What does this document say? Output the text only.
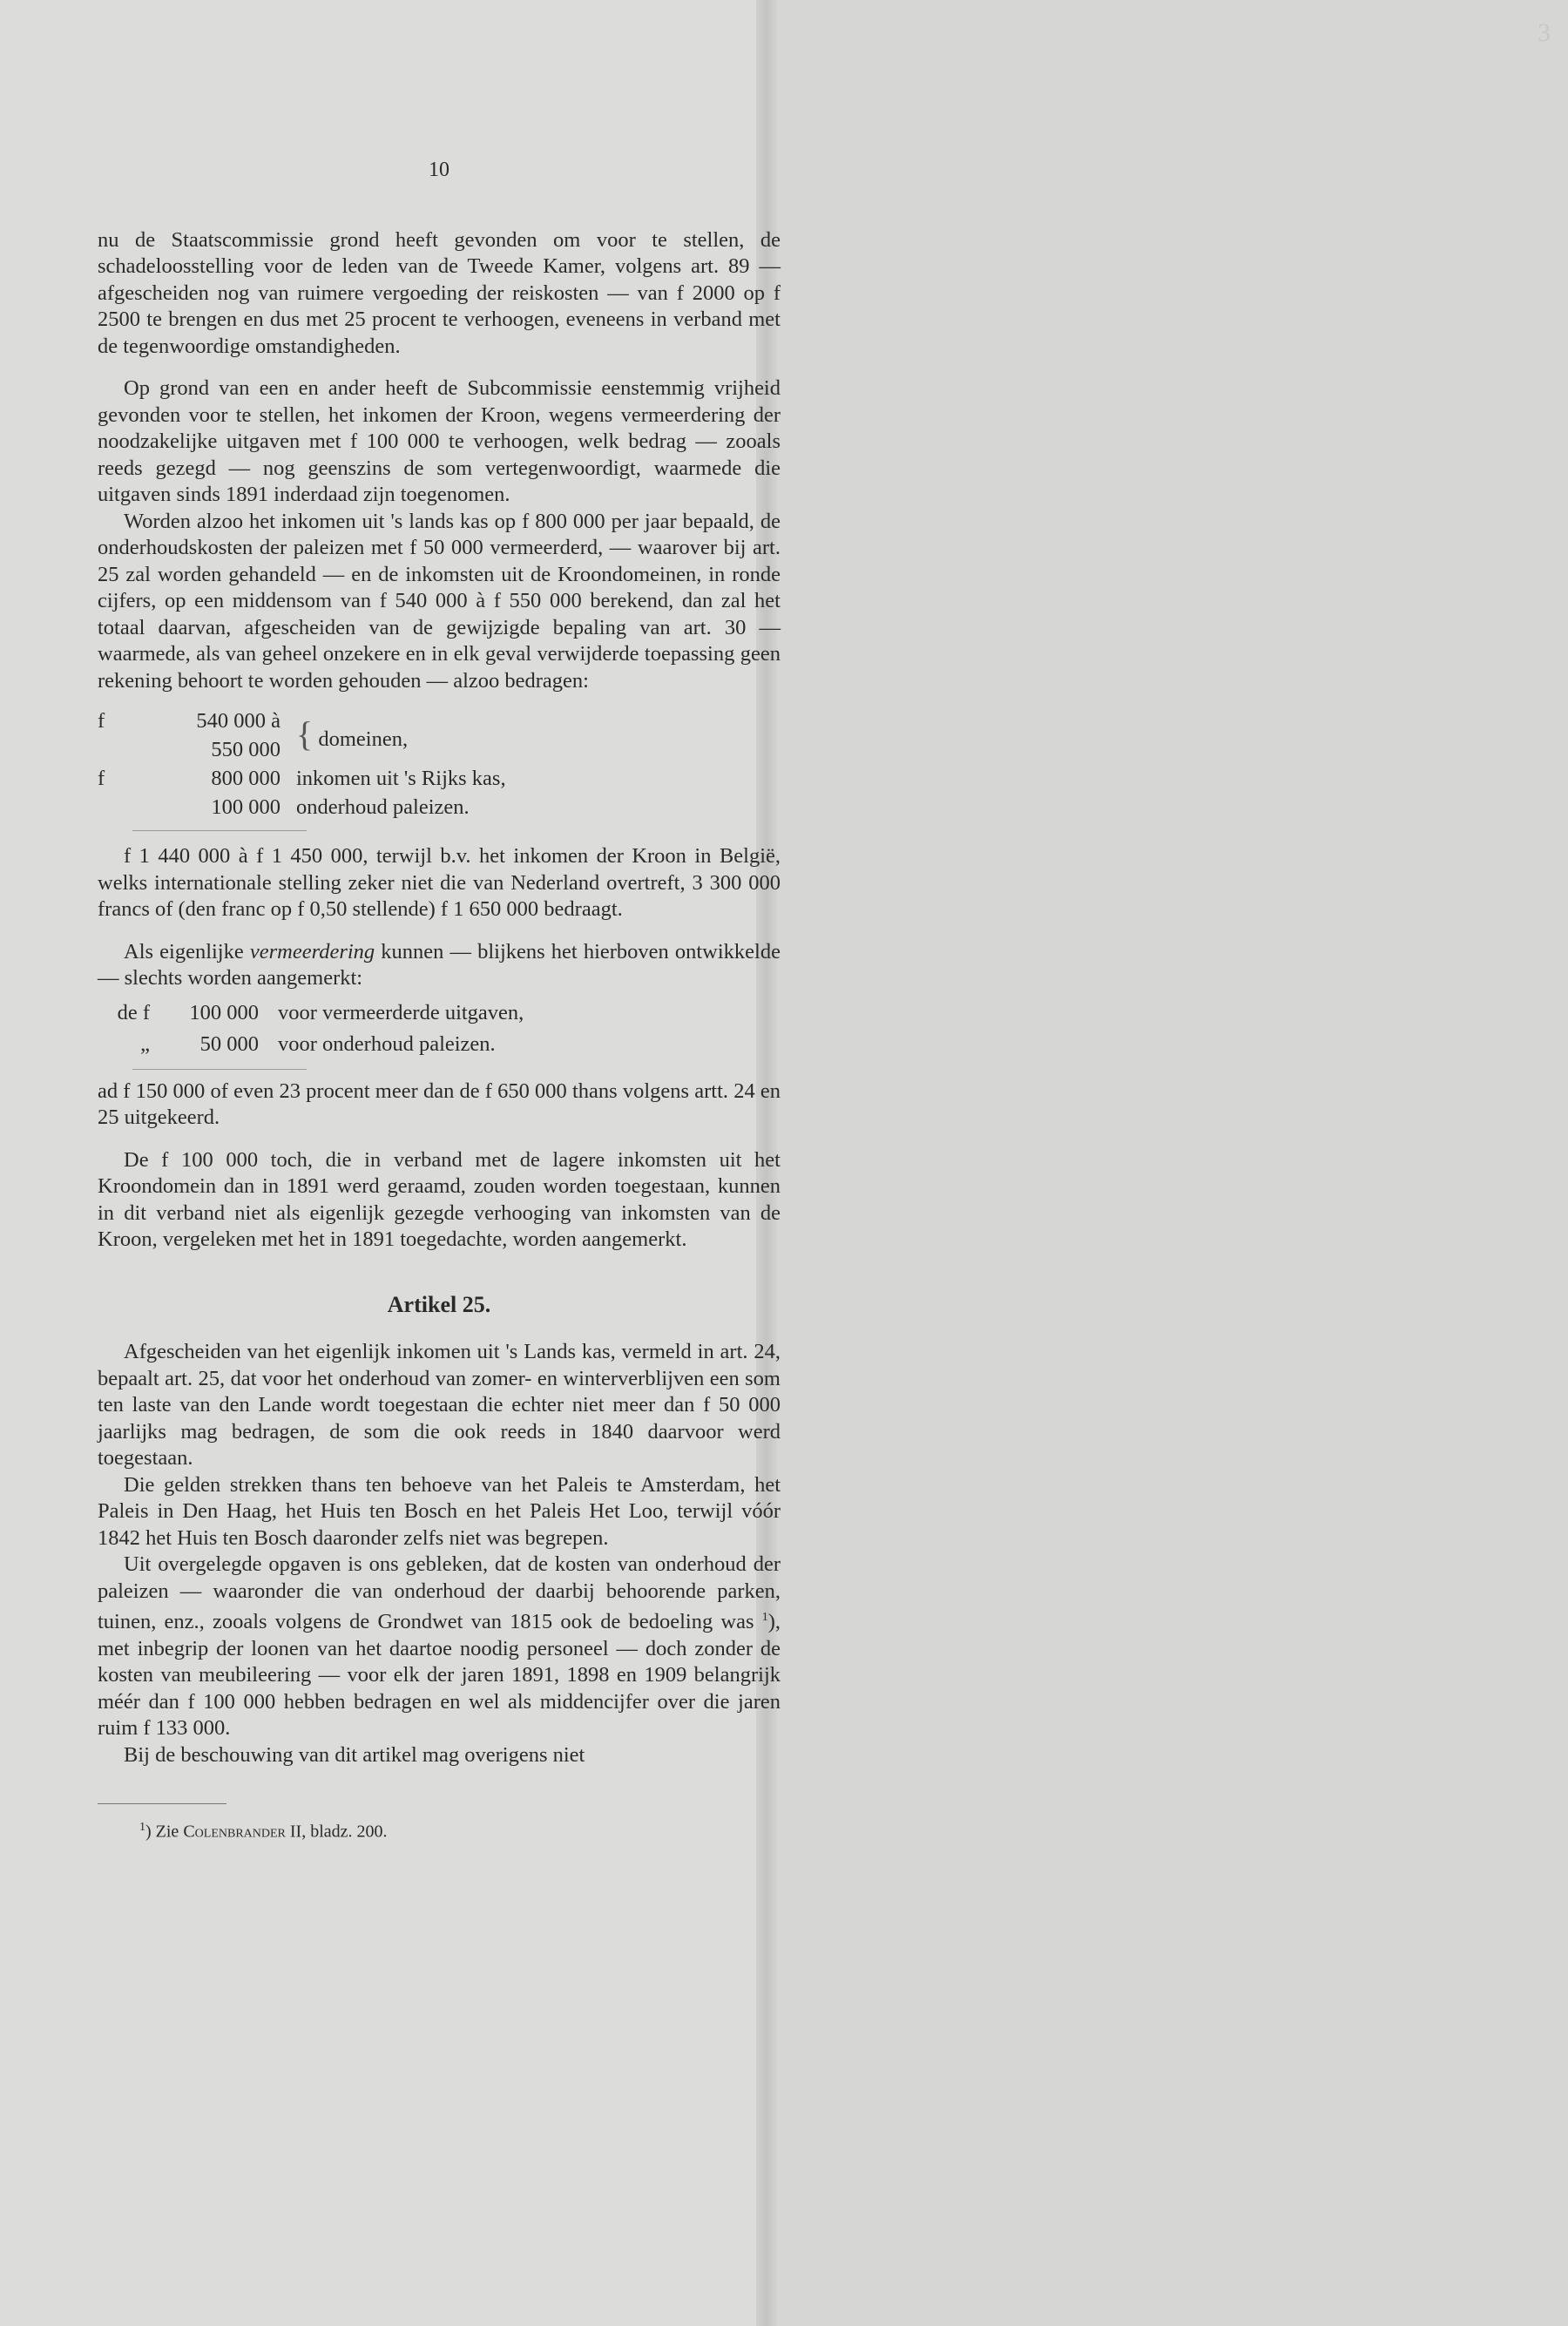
3
10

nu de Staatscommissie grond heeft gevonden om voor te stellen, de schadeloosstelling voor de leden van de Tweede Kamer, volgens art. 89 — afgescheiden nog van ruimere vergoeding der reiskosten — van f 2000 op f 2500 te brengen en dus met 25 procent te verhoogen, eveneens in verband met de tegenwoordige omstandigheden.

Op grond van een en ander heeft de Subcommissie eenstemmig vrijheid gevonden voor te stellen, het inkomen der Kroon, wegens vermeerdering der noodzakelijke uitgaven met f 100 000 te verhoogen, welk bedrag — zooals reeds gezegd — nog geenszins de som vertegenwoordigt, waarmede die uitgaven sinds 1891 inderdaad zijn toegenomen.

Worden alzoo het inkomen uit 's lands kas op f 800 000 per jaar bepaald, de onderhoudskosten der paleizen met f 50 000 vermeerderd, — waarover bij art. 25 zal worden gehandeld — en de inkomsten uit de Kroondomeinen, in ronde cijfers, op een middensom van f 540 000 à f 550 000 berekend, dan zal het totaal daarvan, afgescheiden van de gewijzigde bepaling van art. 30 — waarmede, als van geheel onzekere en in elk geval verwijderde toepassing geen rekening behoort te worden gehouden — alzoo bedragen:

f	540 000 à	{ domeinen,
	550 000	
f	800 000	inkomen uit 's Rijks kas,
	100 000	onderhoud paleizen.

f 1 440 000 à f 1 450 000, terwijl b.v. het inkomen der Kroon in België, welks internationale stelling zeker niet die van Nederland overtreft, 3 300 000 francs of (den franc op f 0,50 stellende) f 1 650 000 bedraagt.

Als eigenlijke vermeerdering kunnen — blijkens het hierboven ontwikkelde — slechts worden aangemerkt:

de f	100 000	voor vermeerderde uitgaven,
„	50 000	voor onderhoud paleizen.

ad f 150 000 of even 23 procent meer dan de f 650 000 thans volgens artt. 24 en 25 uitgekeerd.

De f 100 000 toch, die in verband met de lagere inkomsten uit het Kroondomein dan in 1891 werd geraamd, zouden worden toegestaan, kunnen in dit verband niet als eigenlijk gezegde verhooging van inkomsten van de Kroon, vergeleken met het in 1891 toegedachte, worden aangemerkt.

Artikel 25.

Afgescheiden van het eigenlijk inkomen uit 's Lands kas, vermeld in art. 24, bepaalt art. 25, dat voor het onderhoud van zomer- en winterverblijven een som ten laste van den Lande wordt toegestaan die echter niet meer dan f 50 000 jaarlijks mag bedragen, de som die ook reeds in 1840 daarvoor werd toegestaan.

Die gelden strekken thans ten behoeve van het Paleis te Amsterdam, het Paleis in Den Haag, het Huis ten Bosch en het Paleis Het Loo, terwijl vóór 1842 het Huis ten Bosch daaronder zelfs niet was begrepen.

Uit overgelegde opgaven is ons gebleken, dat de kosten van onderhoud der paleizen — waaronder die van onderhoud der daarbij behoorende parken, tuinen, enz., zooals volgens de Grondwet van 1815 ook de bedoeling was $^1$), met inbegrip der loonen van het daartoe noodig personeel — doch zonder de kosten van meubileering — voor elk der jaren 1891, 1898 en 1909 belangrijk méér dan f 100 000 hebben bedragen en wel als middencijfer over die jaren ruim f 133 000.

Bij de beschouwing van dit artikel mag overigens niet

$^1$) Zie Colenbrander II, bladz. 200.
